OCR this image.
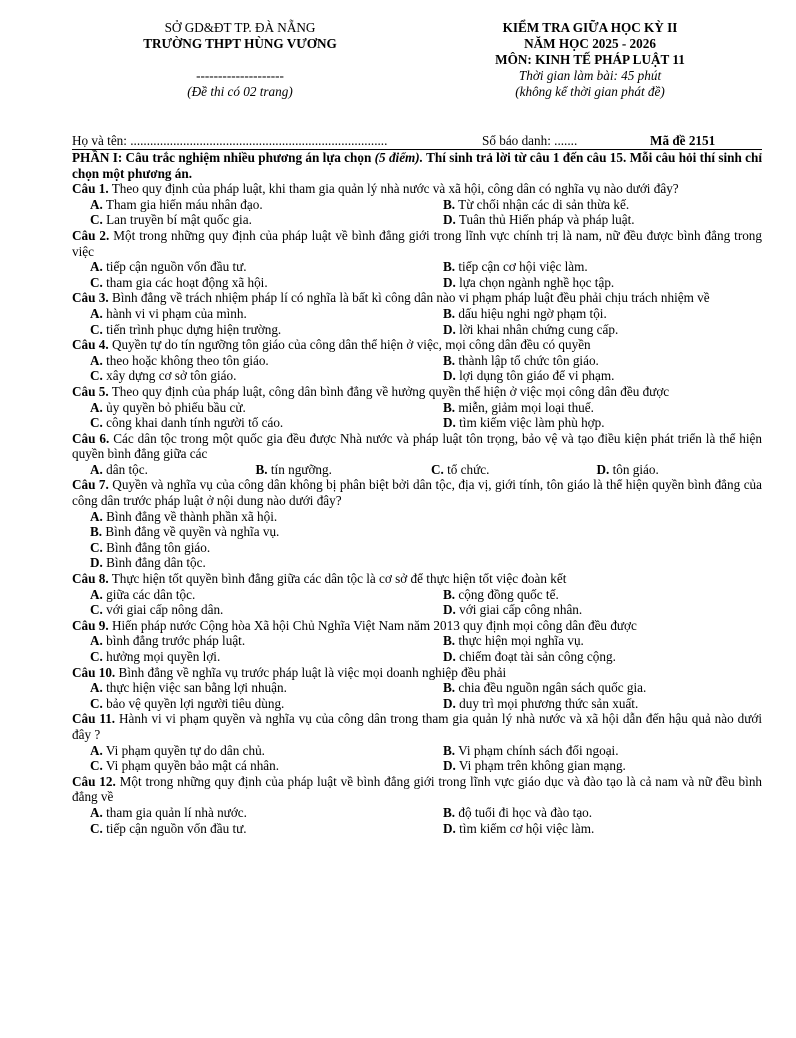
SỞ GD&ĐT TP. ĐÀ NẴNG
TRƯỜNG THPT HÙNG VƯƠNG
--------------------
(Đề thi có 02 trang)
KIỂM TRA GIỮA HỌC KỲ II
NĂM HỌC 2025 - 2026
MÔN: KINH TẾ PHÁP LUẬT 11
Thời gian làm bài: 45 phút
(không kể thời gian phát đề)
Họ và tên: ..............................................................................	Số báo danh: .......	Mã đề 2151

PHẦN I: Câu trắc nghiệm nhiều phương án lựa chọn (5 điểm). Thí sinh trả lời từ câu 1 đến câu 15. Mỗi câu hỏi thí sinh chỉ chọn một phương án.

Câu 1. Theo quy định của pháp luật, khi tham gia quản lý nhà nước và xã hội, công dân có nghĩa vụ nào dưới đây?

A. Tham gia hiến máu nhân đạo.	B. Từ chối nhận các di sản thừa kế.
C. Lan truyền bí mật quốc gia.	D. Tuân thủ Hiến pháp và pháp luật.

Câu 2. Một trong những quy định của pháp luật về bình đẳng giới trong lĩnh vực chính trị là nam, nữ đều được bình đẳng trong việc

A. tiếp cận nguồn vốn đầu tư.	B. tiếp cận cơ hội việc làm.
C. tham gia các hoạt động xã hội.	D. lựa chọn ngành nghề học tập.

Câu 3. Bình đẳng về trách nhiệm pháp lí có nghĩa là bất kì công dân nào vi phạm pháp luật đều phải chịu trách nhiệm về

A. hành vi vi phạm của mình.	B. dấu hiệu nghi ngờ phạm tội.
C. tiến trình phục dựng hiện trường.	D. lời khai nhân chứng cung cấp.

Câu 4. Quyền tự do tín ngưỡng tôn giáo của công dân thể hiện ở việc, mọi công dân đều có quyền

A. theo hoặc không theo tôn giáo.	B. thành lập tổ chức tôn giáo.
C. xây dựng cơ sở tôn giáo.	D. lợi dụng tôn giáo để vi phạm.

Câu 5. Theo quy định của pháp luật, công dân bình đẳng về hưởng quyền thể hiện ở việc mọi công dân đều được

A. ủy quyền bỏ phiếu bầu cử.	B. miễn, giảm mọi loại thuế.
C. công khai danh tính người tố cáo.	D. tìm kiếm việc làm phù hợp.

Câu 6. Các dân tộc trong một quốc gia đều được Nhà nước và pháp luật tôn trọng, bảo vệ và tạo điều kiện phát triển là thể hiện quyền bình đẳng giữa các

A. dân tộc.	B. tín ngưỡng.	C. tổ chức.	D. tôn giáo.

Câu 7. Quyền và nghĩa vụ của công dân không bị phân biệt bởi dân tộc, địa vị, giới tính, tôn giáo là thể hiện quyền bình đẳng của công dân trước pháp luật ở nội dung nào dưới đây?

A. Bình đẳng về thành phần xã hội.
B. Bình đẳng về quyền và nghĩa vụ.
C. Bình đẳng tôn giáo.
D. Bình đẳng dân tộc.

Câu 8. Thực hiện tốt quyền bình đẳng giữa các dân tộc là cơ sở để thực hiện tốt việc đoàn kết

A. giữa các dân tộc.	B. cộng đồng quốc tế.
C. với giai cấp nông dân.	D. với giai cấp công nhân.

Câu 9. Hiến pháp nước Cộng hòa Xã hội Chủ Nghĩa Việt Nam năm 2013 quy định mọi công dân đều được

A. bình đẳng trước pháp luật.	B. thực hiện mọi nghĩa vụ.
C. hưởng mọi quyền lợi.	D. chiếm đoạt tài sản công cộng.

Câu 10. Bình đẳng về nghĩa vụ trước pháp luật là việc mọi doanh nghiệp đều phải

A. thực hiện việc san bằng lợi nhuận.	B. chia đều nguồn ngân sách quốc gia.
C. bảo vệ quyền lợi người tiêu dùng.	D. duy trì mọi phương thức sản xuất.

Câu 11. Hành vi vi phạm quyền và nghĩa vụ của công dân trong tham gia quản lý nhà nước và xã hội dẫn đến hậu quả nào dưới đây ?

A. Vi phạm quyền tự do dân chủ.	B. Vi phạm chính sách đối ngoại.
C. Vi phạm quyền bảo mật cá nhân.	D. Vi phạm trên không gian mạng.

Câu 12. Một trong những quy định của pháp luật về bình đẳng giới trong lĩnh vực giáo dục và đào tạo là cả nam và nữ đều bình đẳng về

A. tham gia quản lí nhà nước.	B. độ tuổi đi học và đào tạo.
C. tiếp cận nguồn vốn đầu tư.	D. tìm kiếm cơ hội việc làm.
